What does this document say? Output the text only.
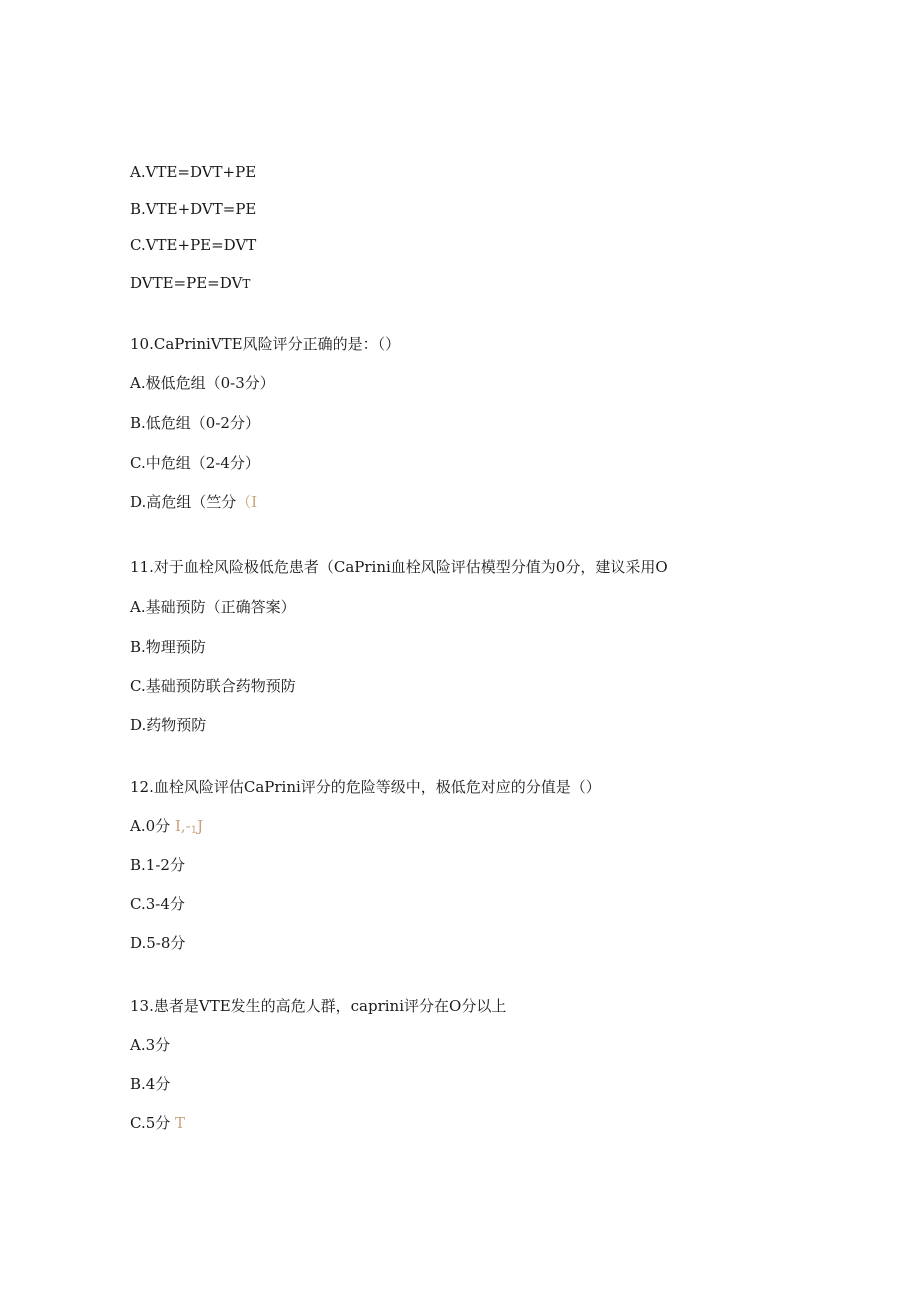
A.VTE=DVT+PE
B.VTE+DVT=PE
C.VTE+PE=DVT
DVTE=PE=DVT
10.CaPriniVTE风险评分正确的是：（）
A.极低危组（0-3分）
B.低危组（0-2分）
C.中危组（2-4分）
D.高危组（竺分（I
11.对于血栓风险极低危患者（CaPrini血栓风险评估模型分值为0分，建议采用O
A.基础预防（正确答案）
B.物理预防
C.基础预防联合药物预防
D.药物预防
12.血栓风险评估CaPrini评分的危险等级中，极低危对应的分值是（）
A.0分 $I,-_1J$
B.1-2分
C.3-4分
D.5-8分
13.患者是VTE发生的高危人群，caprini评分在O分以上
A.3分
B.4分
C.5分 T
